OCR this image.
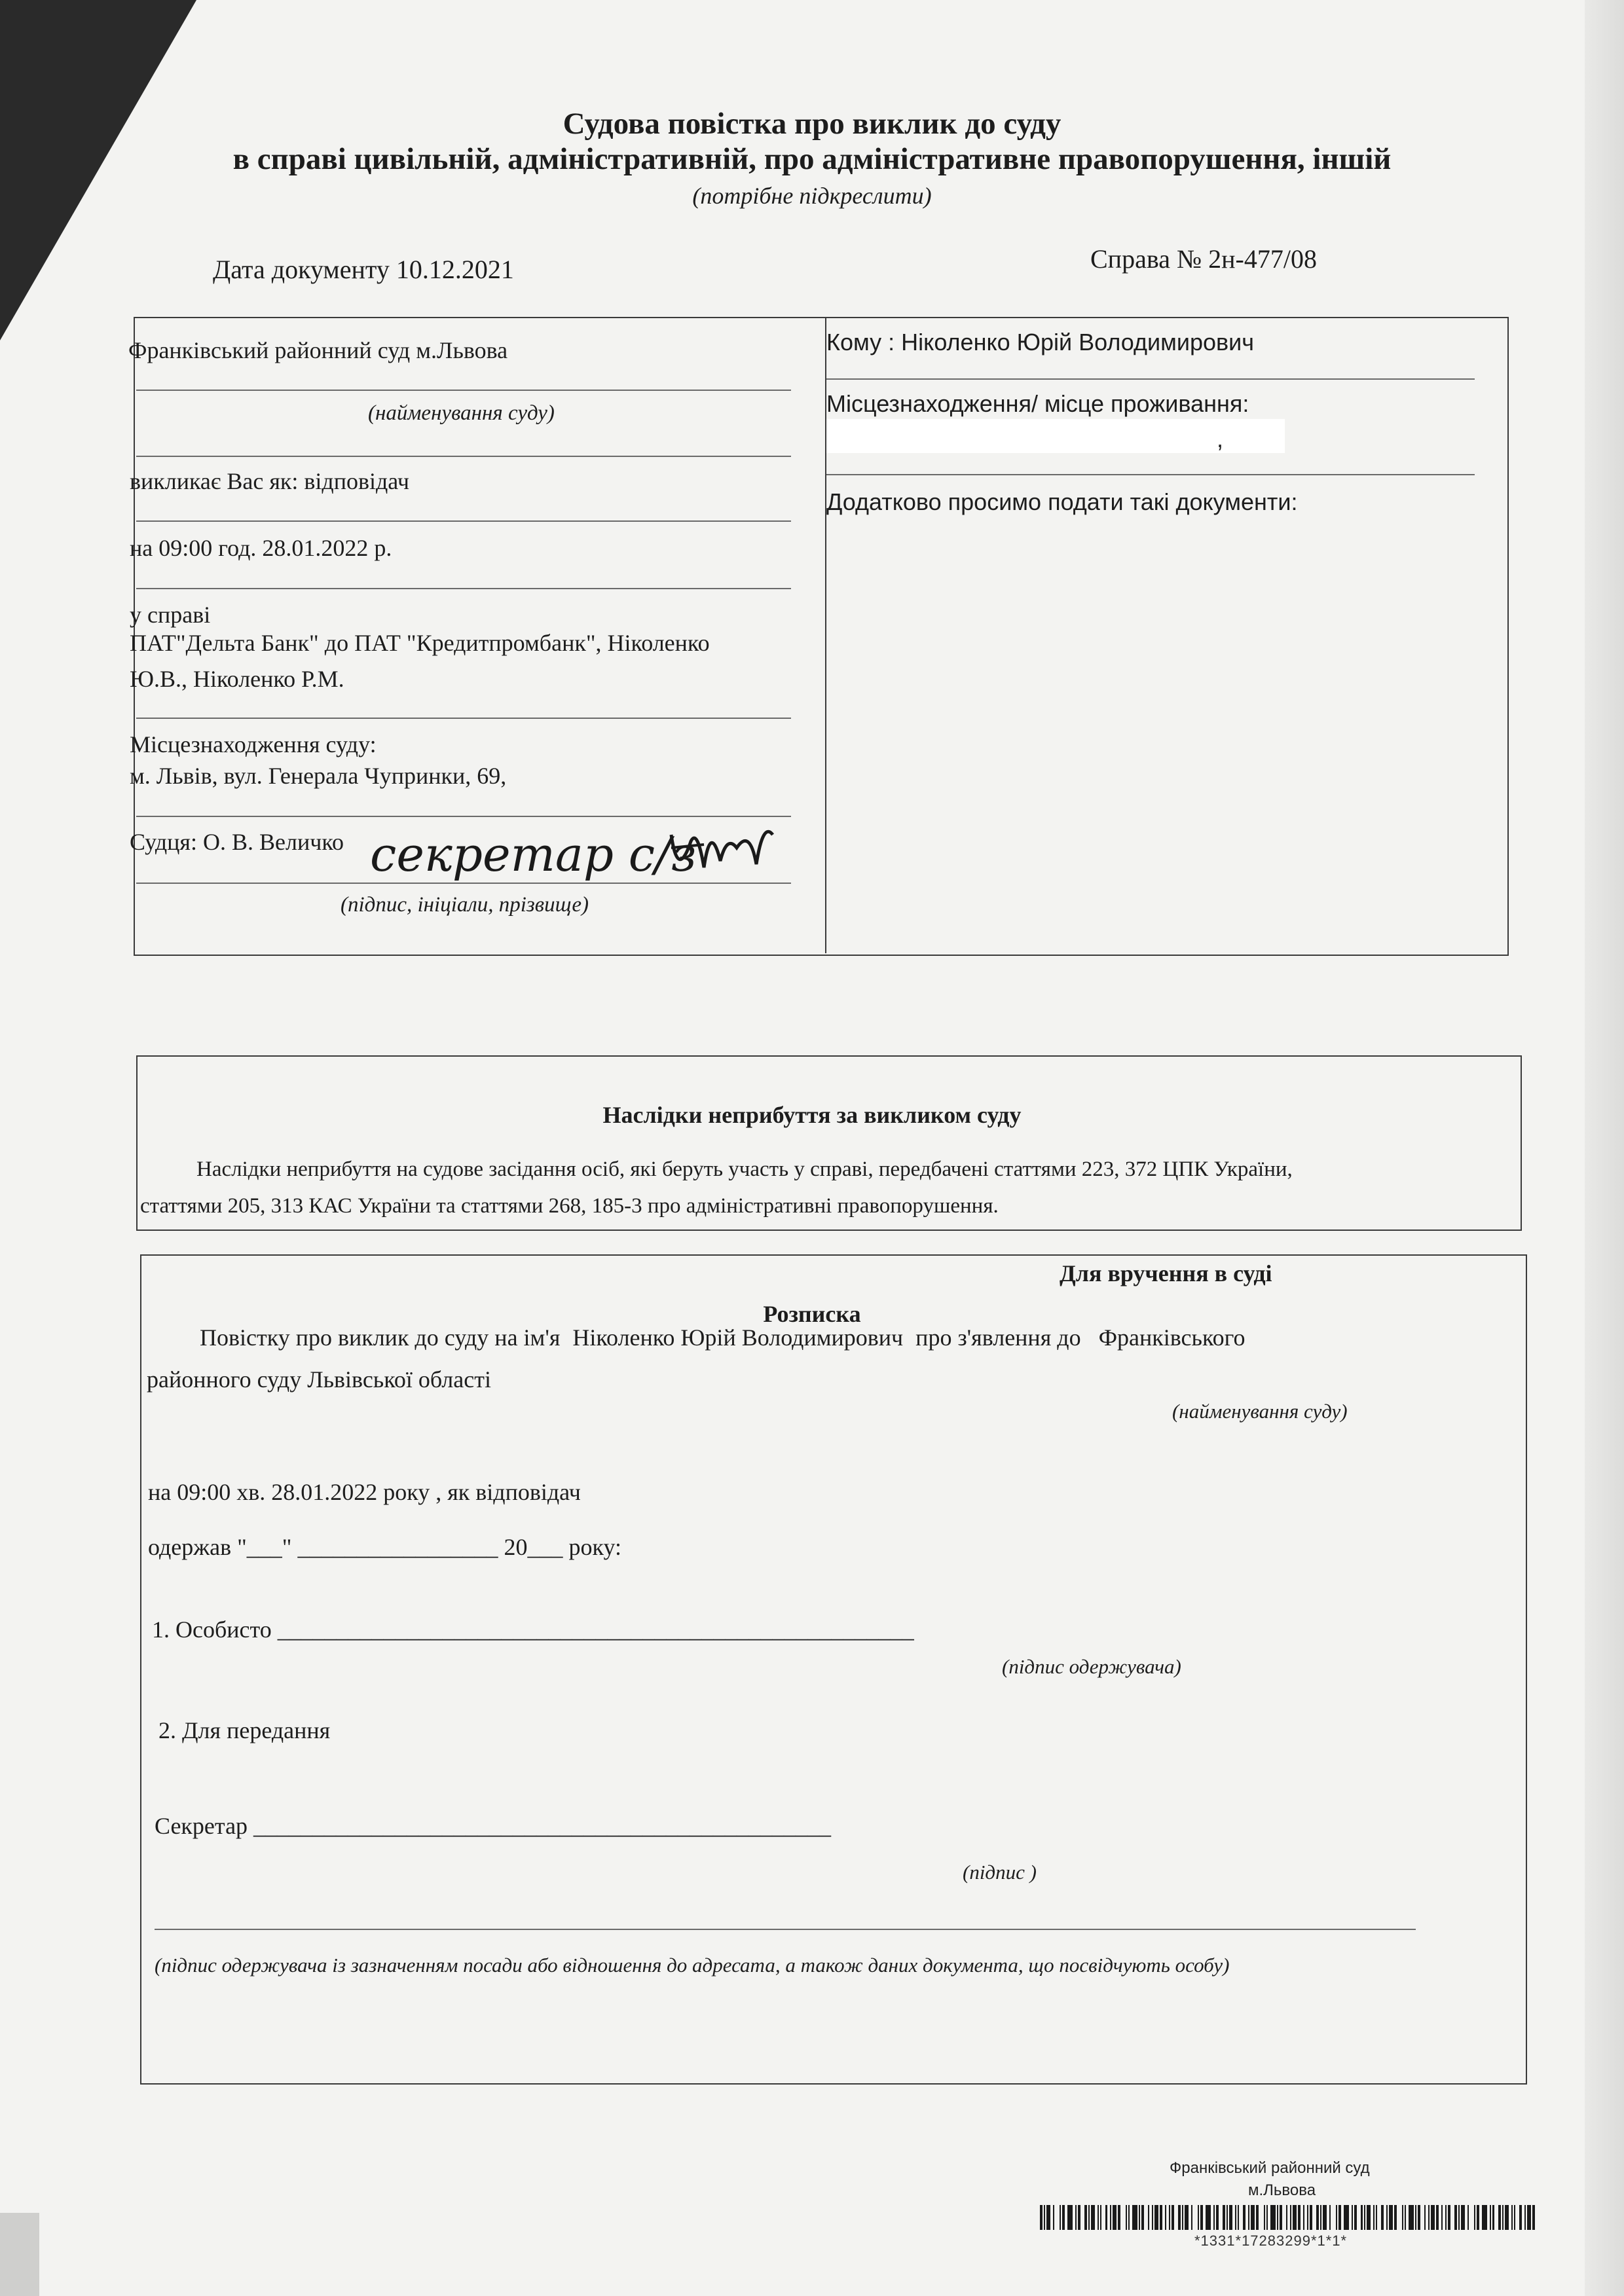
Судова повістка про виклик до суду
в справі цивільній, адміністративній, про адміністративне правопорушення, іншій
(потрібне підкреслити)
Дата документу 10.12.2021	Справа № 2н-477/08
Франківський районний суд м.Львова
(найменування суду)
викликає Вас як: відповідач
на 09:00 год. 28.01.2022 р.
у справі
ПАТ"Дельта Банк" до ПАТ "Кредитпромбанк", Ніколенко
Ю.В., Ніколенко Р.М.
Місцезнаходження суду:
м. Львів, вул. Генерала Чупринки, 69,
Судця: О. В. Величко секретар с/з
(підпис, ініціали, прізвище)
Кому : Ніколенко Юрій Володимирович
Місцезнаходження/ місце проживання:
,
Додатково просимо подати такі документи:
Наслідки неприбуття за викликом суду
Наслідки неприбуття на судове засідання осіб, які беруть участь у справі, передбачені статтями 223, 372 ЦПК України,
статтями 205, 313 КАС України та статтями 268, 185-3 про адміністративні правопорушення.
Для вручення в суді
Розписка
Повістку про виклик до суду на ім'я Ніколенко Юрій Володимирович про з'явлення до Франківського
районного суду Львівської області
(найменування суду)
на 09:00 хв. 28.01.2022 року , як відповідач
одержав "___" _________________ 20___ року:
1. Особисто ______________________________________________________
(підпис одержувача)
2. Для передання
Секретар _________________________________________________
(підпис )
(підпис одержувача із зазначенням посади або відношення до адресата, а також даних документа, що посвідчують особу)
Франківський районний суд
м.Львова
*1331*17283299*1*1*
